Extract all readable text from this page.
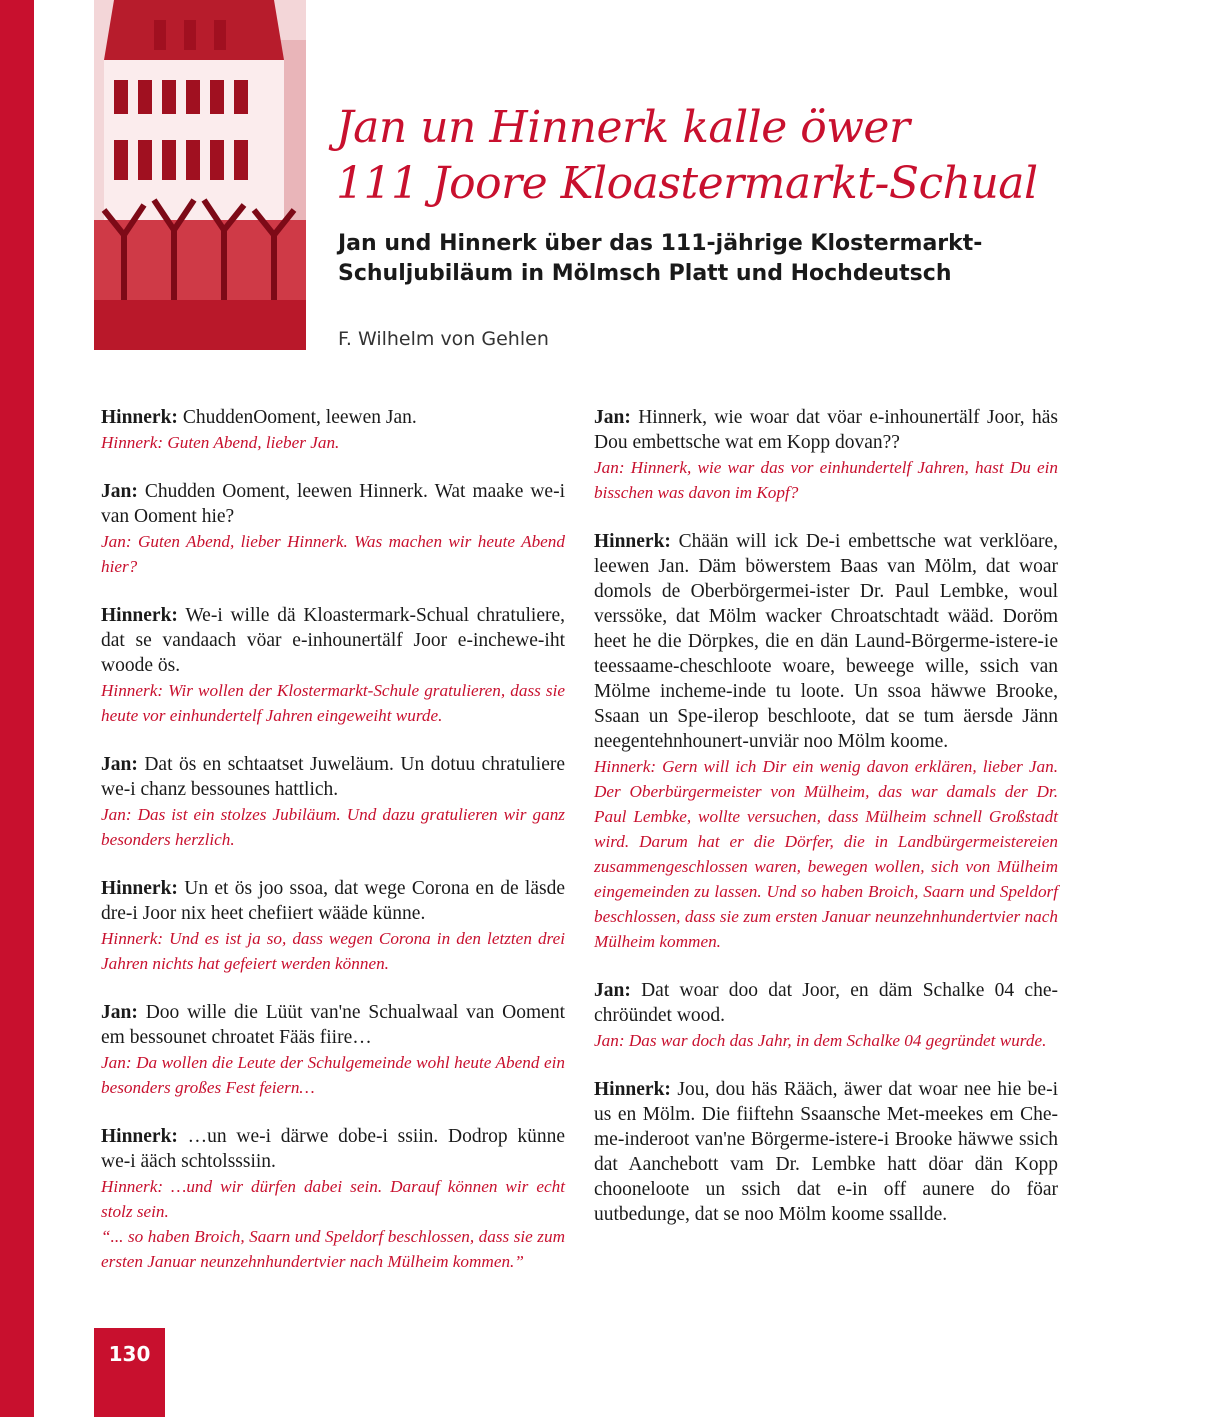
Jan un Hinnerk kalle öwer
111 Joore Kloastermarkt-Schual
Jan und Hinnerk über das 111-jährige Klostermarkt-Schuljubiläum in Mölmsch Platt und Hochdeutsch
F. Wilhelm von Gehlen

Hinnerk: ChuddenOoment, leewen Jan.

Hinnerk: Guten Abend, lieber Jan.

Jan: Chudden Ooment, leewen Hinnerk. Wat maake we-i van Ooment hie?

Jan: Guten Abend, lieber Hinnerk. Was machen wir heute Abend hier?

Hinnerk: We-i wille dä Kloastermark-Schual chratuliere, dat se vandaach vöar e-inhounertälf Joor e-inchewe-iht woode ös.

Hinnerk: Wir wollen der Klostermarkt-Schule gratulieren, dass sie heute vor einhundertelf Jahren eingeweiht wurde.

Jan: Dat ös en schtaatset Juweläum. Un dotuu chratuliere we-i chanz bessounes hattlich.

Jan: Das ist ein stolzes Jubiläum. Und dazu gratulieren wir ganz besonders herzlich.

Hinnerk: Un et ös joo ssoa, dat wege Corona en de läsde dre-i Joor nix heet chefiiert wääde künne.

Hinnerk: Und es ist ja so, dass wegen Corona in den letzten drei Jahren nichts hat gefeiert werden können.

Jan: Doo wille die Lüüt van'ne Schualwaal van Ooment em bessounet chroatet Fääs fiire…

Jan: Da wollen die Leute der Schulgemeinde wohl heute Abend ein besonders großes Fest feiern…

Hinnerk: …un we-i därwe dobe-i ssiin. Dodrop künne we-i ääch schtolsssiin.

Hinnerk: …und wir dürfen dabei sein. Darauf können wir echt stolz sein.

“... so haben Broich, Saarn und Speldorf beschlossen, dass sie zum ersten Januar neunzehnhundertvier nach Mülheim kommen.”

Jan: Hinnerk, wie woar dat vöar e-inhounertälf Joor, häs Dou embettsche wat em Kopp dovan??

Jan: Hinnerk, wie war das vor einhundertelf Jahren, hast Du ein bisschen was davon im Kopf?

Hinnerk: Chään will ick De-i embettsche wat verklöare, leewen Jan. Däm böwerstem Baas van Mölm, dat woar domols de Oberbörgermei-ister Dr. Paul Lembke, woul verssöke, dat Mölm wacker Chroatschtadt wääd. Doröm heet he die Dörpkes, die en dän Laund-Börgerme-istere-ie teessaame-cheschloote woare, beweege wille, ssich van Mölme incheme-inde tu loote. Un ssoa häwwe Brooke, Ssaan un Spe-ilerop beschloote, dat se tum äersde Jänn neegentehnhounert-unviär noo Mölm koome.

Hinnerk: Gern will ich Dir ein wenig davon erklären, lieber Jan. Der Oberbürgermeister von Mülheim, das war damals der Dr. Paul Lembke, wollte versuchen, dass Mülheim schnell Großstadt wird. Darum hat er die Dörfer, die in Landbürgermeistereien zusammengeschlossen waren, bewegen wollen, sich von Mülheim eingemeinden zu lassen. Und so haben Broich, Saarn und Speldorf beschlossen, dass sie zum ersten Januar neunzehnhundertvier nach Mülheim kommen.

Jan: Dat woar doo dat Joor, en däm Schalke 04 che-chröündet wood.

Jan: Das war doch das Jahr, in dem Schalke 04 gegründet wurde.

Hinnerk: Jou, dou häs Rääch, äwer dat woar nee hie be-i us en Mölm. Die fiiftehn Ssaansche Met-meekes em Che-me-inderoot van'ne Börgerme-istere-i Brooke häwwe ssich dat Aanchebott vam Dr. Lembke hatt döar dän Kopp chooneloote un ssich dat e-in off aunere do föar uutbedunge, dat se noo Mölm koome ssallde.

130
